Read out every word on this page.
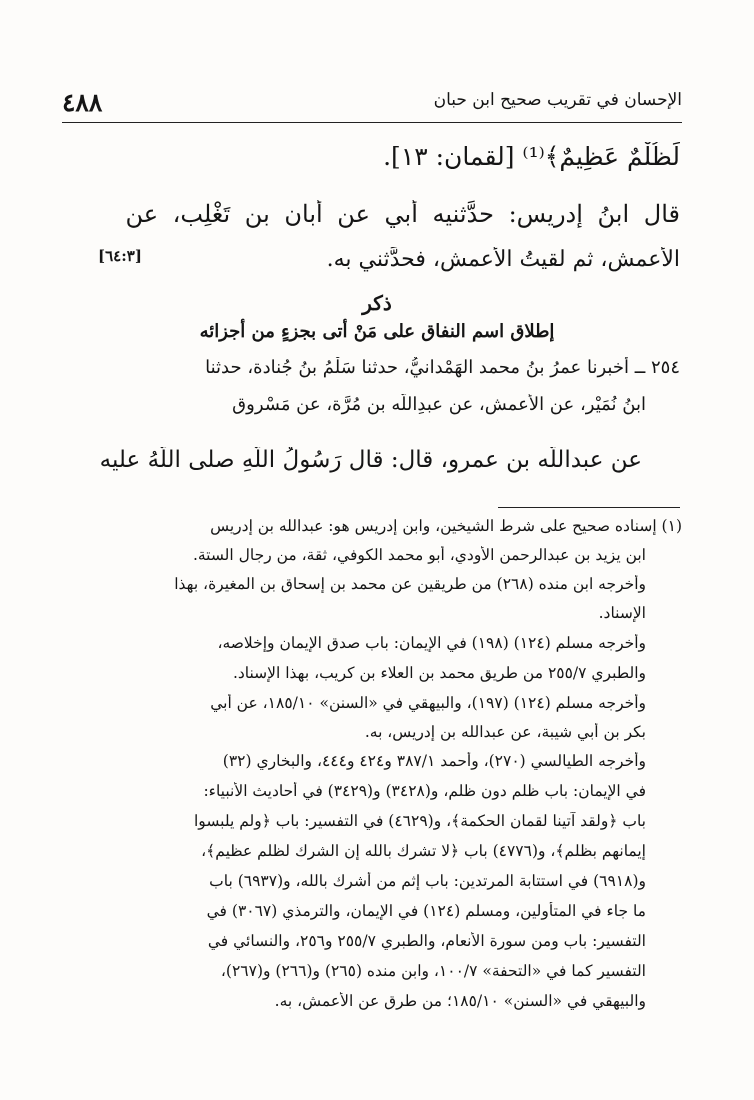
٤٨٨	الإحسان في تقريب صحيح ابن حبان
لَظُلْمٌ عَظِيمٌ﴾⁽¹⁾ [لقمان: ١٣].
قال ابنُ إدريس: حدَّثنيه أبي عن أبان بن تَغْلِب، عن
الأعمش، ثم لقيتُ الأعمش، فحدَّثني به.
[٦٤:٣]
ذكر
إطلاق اسم النفاق على مَنْ أتى بجزءٍ من أجزائه
٢٥٤ ــ أخبرنا عمرُ بنُ محمد الهَمْدانيُّ، حدثنا سَلْمُ بنُ جُنادة، حدثنا
ابنُ نُمَيْر، عن الأعمش، عن عبدِاللَّه بنِ مُرَّة، عن مَسْروق
عن عبداللَّه بن عمرو، قال: قال رَسُولُ اللَّهِ صلى اللَّهُ عليه
(١) إسناده صحيح على شرط الشيخين، وابن إدريس هو: عبدالله بن إدريس
ابن يزيد بن عبدالرحمن الأودي، أبو محمد الكوفي، ثقة، من رجال الستة.
وأخرجه ابن منده (٢٦٨) من طريقين عن محمد بن إسحاق بن المغيرة، بهذا
الإسناد.
وأخرجه مسلم (١٢٤) (١٩٨) في الإيمان: باب صدق الإيمان وإخلاصه،
والطبري ٢٥٥/٧ من طريق محمد بن العلاء بن كريب، بهذا الإسناد.
وأخرجه مسلم (١٢٤) (١٩٧)، والبيهقي في «السنن» ١٨٥/١٠، عن أبي
بكر بن أبي شيبة، عن عبدالله بن إدريس، به.
وأخرجه الطيالسي (٢٧٠)، وأحمد ٣٨٧/١ و٤٢٤ و٤٤٤، والبخاري (٣٢)
في الإيمان: باب ظلم دون ظلم، و(٣٤٢٨) و(٣٤٢٩) في أحاديث الأنبياء:
باب ﴿ولقد آتينا لقمان الحكمة﴾، و(٤٦٢٩) في التفسير: باب ﴿ولم يلبسوا
إيمانهم بظلم﴾، و(٤٧٧٦) باب ﴿لا تشرك بالله إن الشرك لظلم عظيم﴾،
و(٦٩١٨) في استتابة المرتدين: باب إثم من أشرك بالله، و(٦٩٣٧) باب
ما جاء في المتأولين، ومسلم (١٢٤) في الإيمان، والترمذي (٣٠٦٧) في
التفسير: باب ومن سورة الأنعام، والطبري ٢٥٥/٧ و٢٥٦، والنسائي في
التفسير كما في «التحفة» ١٠٠/٧، وابن منده (٢٦٥) و(٢٦٦) و(٢٦٧)،
والبيهقي في «السنن» ١٨٥/١٠؛ من طرق عن الأعمش، به.
